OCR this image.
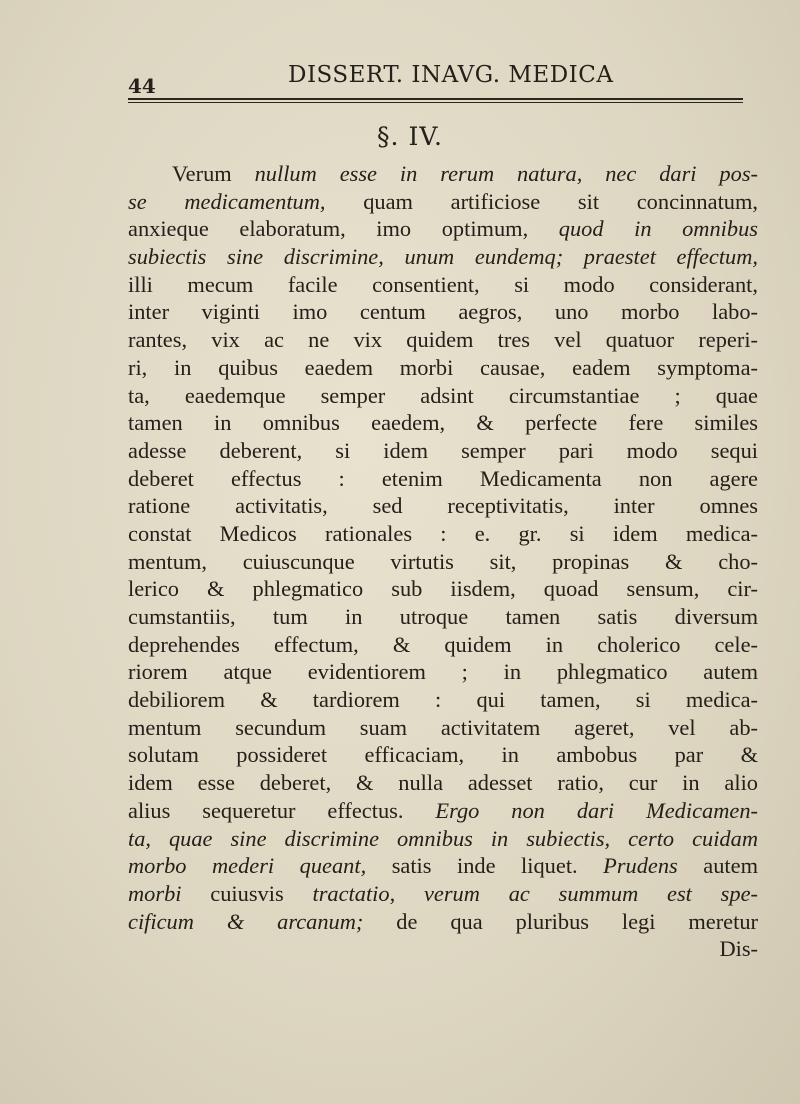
44	DISSERT. INAVG. MEDICA
§. IV.
Verum nullum esse in rerum natura, nec dari pos-
se medicamentum, quam artificiose sit concinnatum,
anxieque elaboratum, imo optimum, quod in omnibus
subiectis sine discrimine, unum eundemq; praestet effectum,
illi mecum facile consentient, si modo considerant,
inter viginti imo centum aegros, uno morbo labo-
rantes, vix ac ne vix quidem tres vel quatuor reperi-
ri, in quibus eaedem morbi causae, eadem symptoma-
ta, eaedemque semper adsint circumstantiae ; quae
tamen in omnibus eaedem, & perfecte fere similes
adesse deberent, si idem semper pari modo sequi
deberet effectus : etenim Medicamenta non agere
ratione activitatis, sed receptivitatis, inter omnes
constat Medicos rationales : e. gr. si idem medica-
mentum, cuiuscunque virtutis sit, propinas & cho-
lerico & phlegmatico sub iisdem, quoad sensum, cir-
cumstantiis, tum in utroque tamen satis diversum
deprehendes effectum, & quidem in cholerico cele-
riorem atque evidentiorem ; in phlegmatico autem
debiliorem & tardiorem : qui tamen, si medica-
mentum secundum suam activitatem ageret, vel ab-
solutam possideret efficaciam, in ambobus par &
idem esse deberet, & nulla adesset ratio, cur in alio
alius sequeretur effectus. Ergo non dari Medicamen-
ta, quae sine discrimine omnibus in subiectis, certo cuidam
morbo mederi queant, satis inde liquet. Prudens autem
morbi cuiusvis tractatio, verum ac summum est spe-
cificum & arcanum; de qua pluribus legi meretur
Dis-
